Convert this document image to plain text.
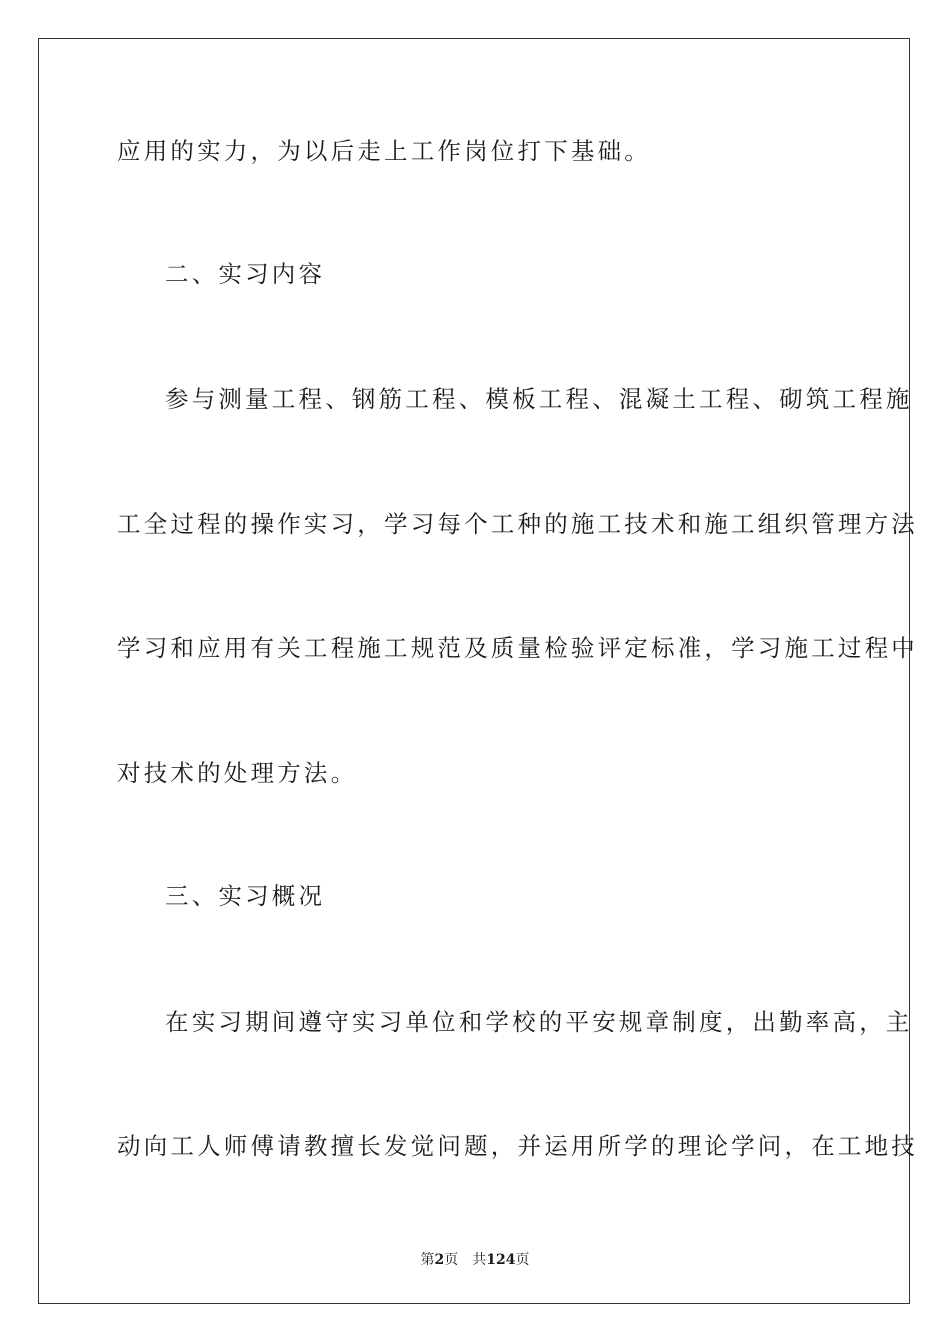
应用的实力，为以后走上工作岗位打下基础。
二、实习内容
参与测量工程、钢筋工程、模板工程、混凝土工程、砌筑工程施
工全过程的操作实习，学习每个工种的施工技术和施工组织管理方法
学习和应用有关工程施工规范及质量检验评定标准，学习施工过程中
对技术的处理方法。
三、实习概况
在实习期间遵守实习单位和学校的平安规章制度，出勤率高，主
动向工人师傅请教擅长发觉问题，并运用所学的理论学问，在工地技
第2页 共124页
